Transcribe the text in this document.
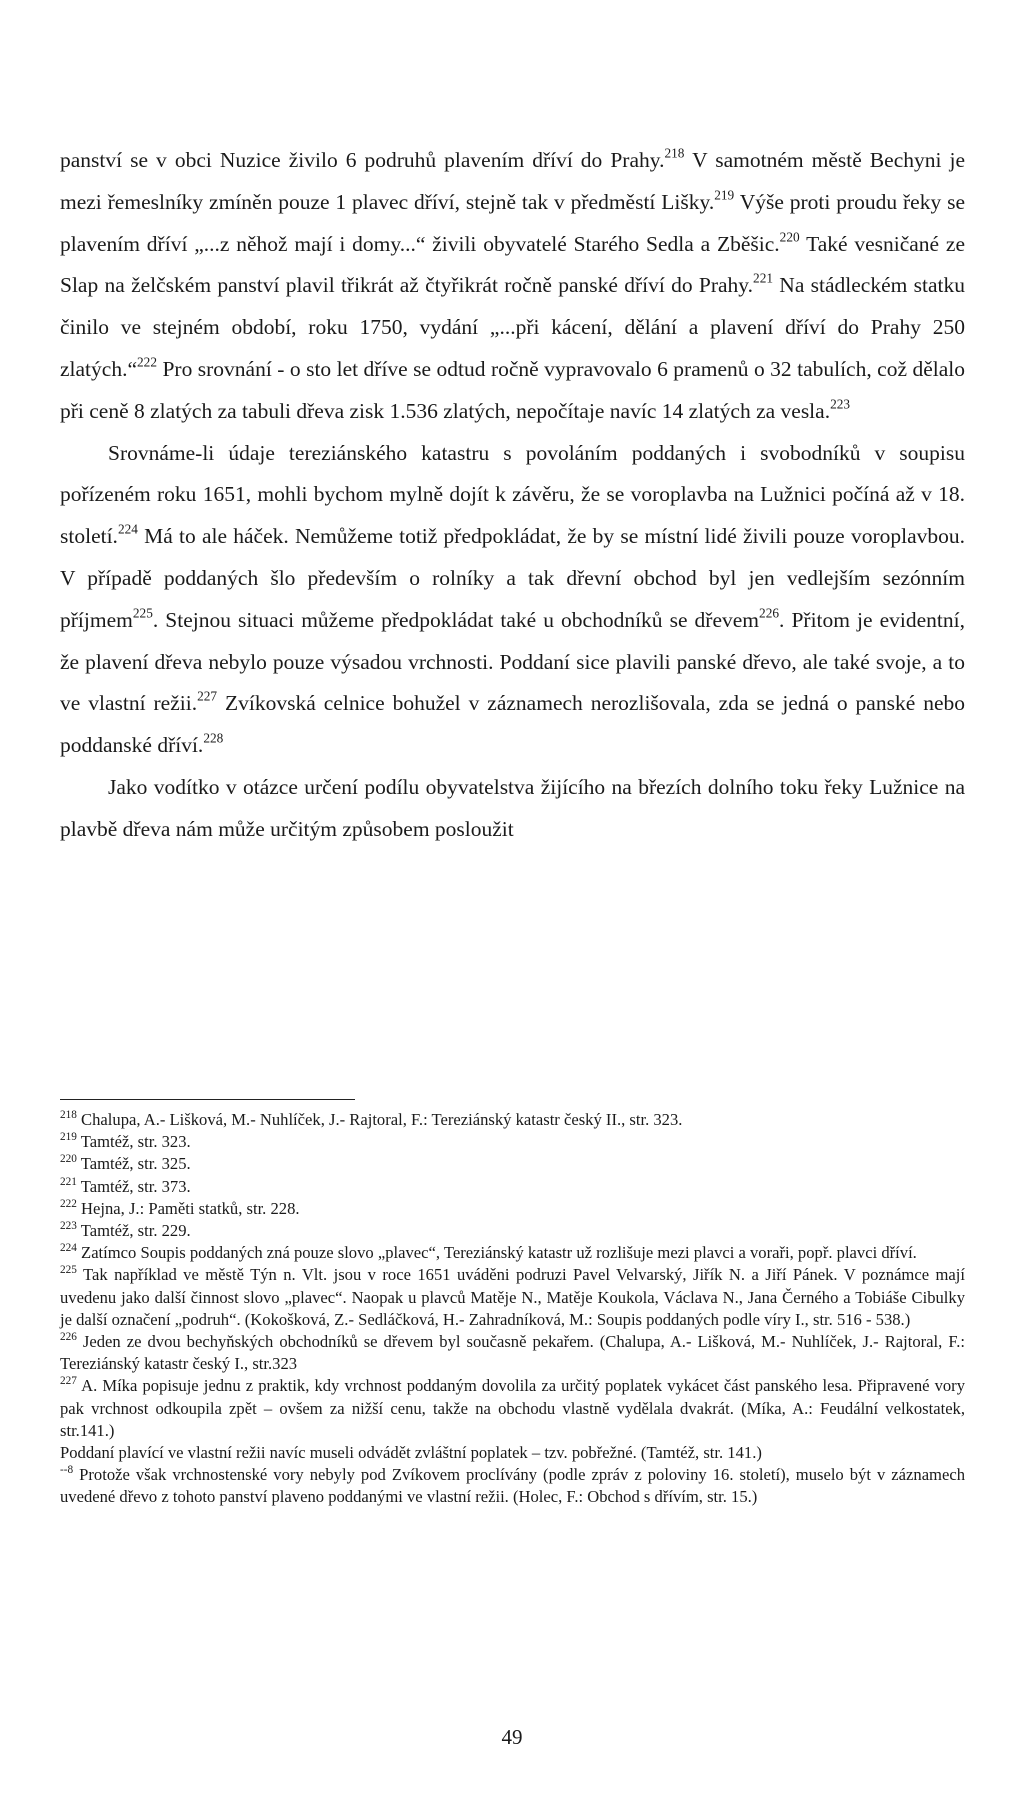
panství se v obci Nuzice živilo 6 podruhů plavením dříví do Prahy.$^{218}$ V samotném městě Bechyni je mezi řemeslníky zmíněn pouze 1 plavec dříví, stejně tak v předměstí Lišky.$^{219}$ Výše proti proudu řeky se plavením dříví „...z něhož mají i domy...“ živili obyvatelé Starého Sedla a Zběšic.$^{220}$ Také vesničané ze Slap na želčském panství plavil třikrát až čtyřikrát ročně panské dříví do Prahy.$^{221}$ Na stádleckém statku činilo ve stejném období, roku 1750, vydání „...při kácení, dělání a plavení dříví do Prahy 250 zlatých.“$^{222}$ Pro srovnání - o sto let dříve se odtud ročně vypravovalo 6 pramenů o 32 tabulích, což dělalo při ceně 8 zlatých za tabuli dřeva zisk 1.536 zlatých, nepočítaje navíc 14 zlatých za vesla.$^{223}$

Srovnáme-li údaje tereziánského katastru s povoláním poddaných i svobodníků v soupisu pořízeném roku 1651, mohli bychom mylně dojít k závěru, že se voroplavba na Lužnici počíná až v 18. století.$^{224}$ Má to ale háček. Nemůžeme totiž předpokládat, že by se místní lidé živili pouze voroplavbou. V případě poddaných šlo především o rolníky a tak dřevní obchod byl jen vedlejším sezónním příjmem$^{225}$. Stejnou situaci můžeme předpokládat také u obchodníků se dřevem$^{226}$. Přitom je evidentní, že plavení dřeva nebylo pouze výsadou vrchnosti. Poddaní sice plavili panské dřevo, ale také svoje, a to ve vlastní režii.$^{227}$ Zvíkovská celnice bohužel v záznamech nerozlišovala, zda se jedná o panské nebo poddanské dříví.$^{228}$

Jako vodítko v otázce určení podílu obyvatelstva žijícího na březích dolního toku řeky Lužnice na plavbě dřeva nám může určitým způsobem posloužit

$^{218}$ Chalupa, A.- Lišková, M.- Nuhlíček, J.- Rajtoral, F.: Tereziánský katastr český II., str. 323.

$^{219}$ Tamtéž, str. 323.

$^{220}$ Tamtéž, str. 325.

$^{221}$ Tamtéž, str. 373.

$^{222}$ Hejna, J.: Paměti statků, str. 228.

$^{223}$ Tamtéž, str. 229.

$^{224}$ Zatímco Soupis poddaných zná pouze slovo „plavec“, Tereziánský katastr už rozlišuje mezi plavci a voraři, popř. plavci dříví.

$^{225}$ Tak například ve městě Týn n. Vlt. jsou v roce 1651 uváděni podruzi Pavel Velvarský, Jiřík N. a Jiří Pánek. V poznámce mají uvedenu jako další činnost slovo „plavec“. Naopak u plavců Matěje N., Matěje Koukola, Václava N., Jana Černého a Tobiáše Cibulky je další označení „podruh“. (Kokošková, Z.- Sedláčková, H.- Zahradníková, M.: Soupis poddaných podle víry I., str. 516 - 538.)

$^{226}$ Jeden ze dvou bechyňských obchodníků se dřevem byl současně pekařem. (Chalupa, A.- Lišková, M.- Nuhlíček, J.- Rajtoral, F.: Tereziánský katastr český I., str.323

$^{227}$ A. Míka popisuje jednu z praktik, kdy vrchnost poddaným dovolila za určitý poplatek vykácet část panského lesa. Připravené vory pak vrchnost odkoupila zpět – ovšem za nižší cenu, takže na obchodu vlastně vydělala dvakrát. (Míka, A.: Feudální velkostatek, str.141.)

Poddaní plavící ve vlastní režii navíc museli odvádět zvláštní poplatek – tzv. pobřežné. (Tamtéž, str. 141.)

$^{--8}$ Protože však vrchnostenské vory nebyly pod Zvíkovem proclívány (podle zpráv z poloviny 16. století), muselo být v záznamech uvedené dřevo z tohoto panství plaveno poddanými ve vlastní režii. (Holec, F.: Obchod s dřívím, str. 15.)

49
